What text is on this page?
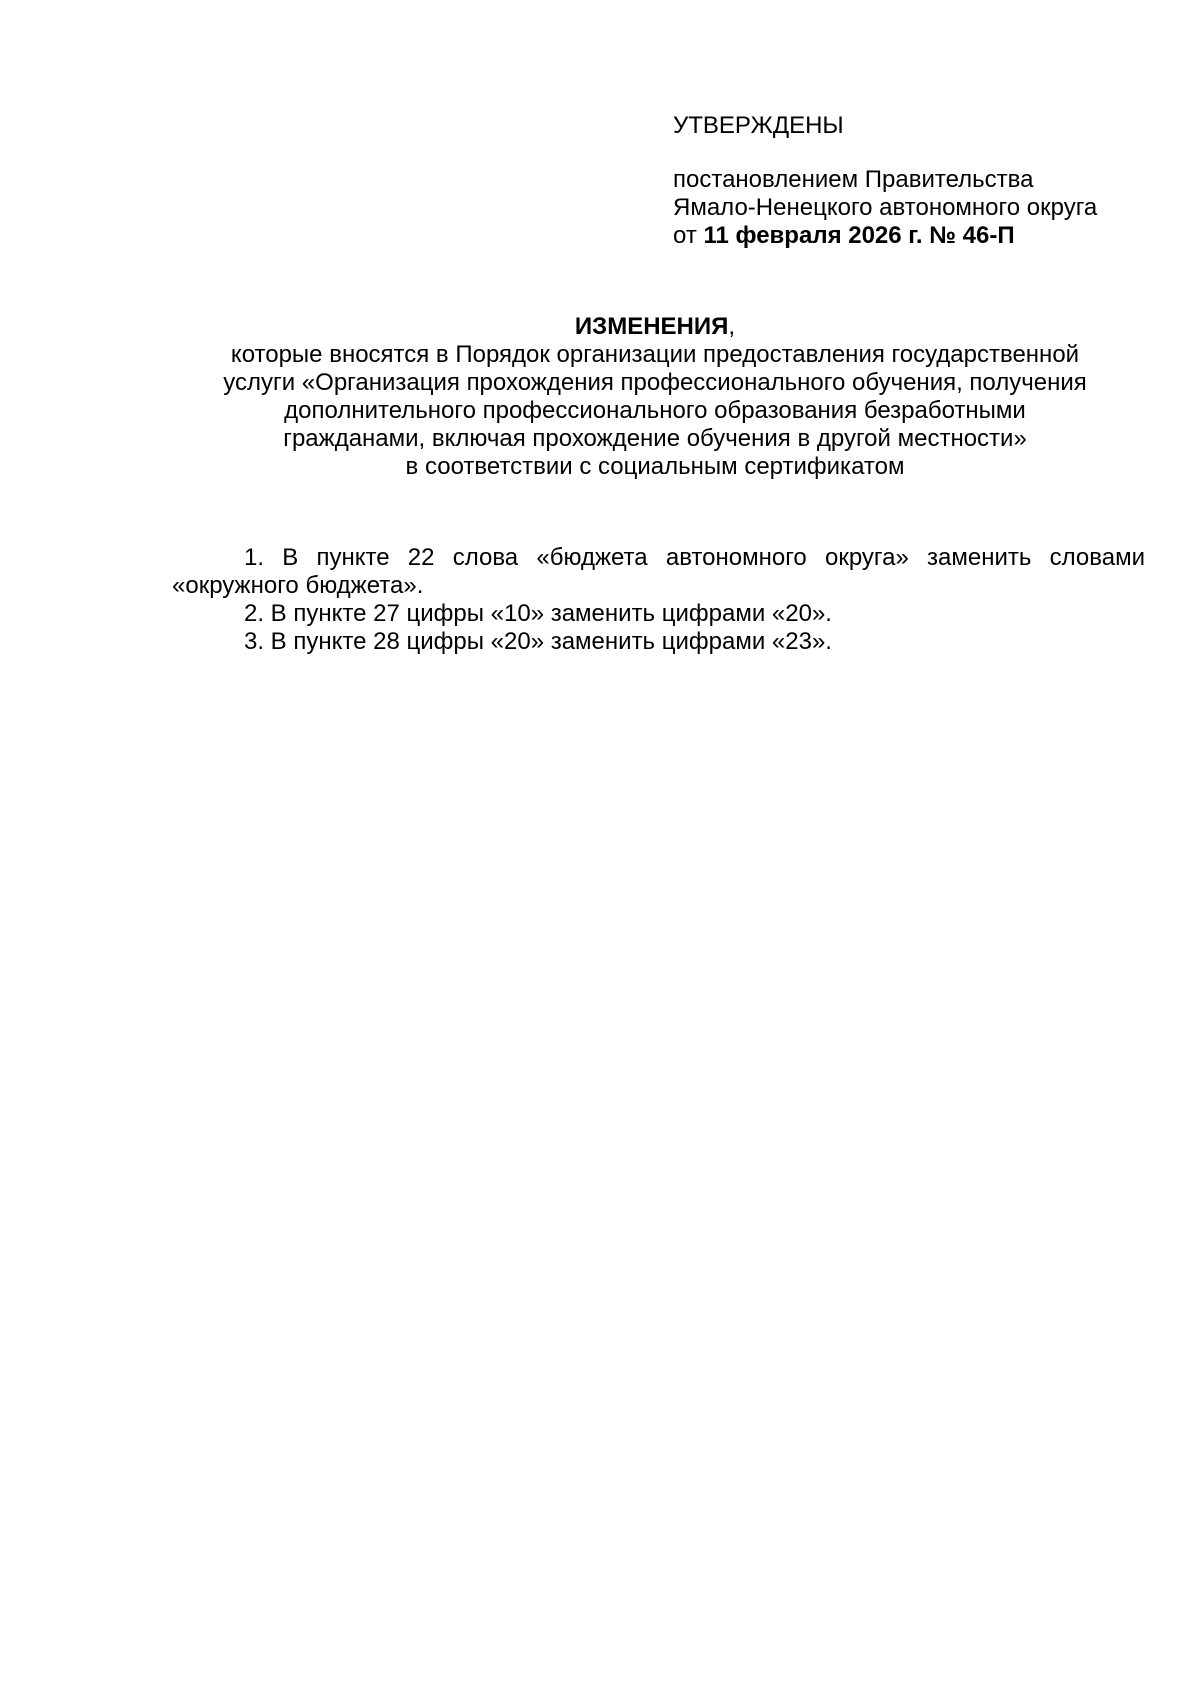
УТВЕРЖДЕНЫ
постановлением Правительства
Ямало-Ненецкого автономного округа
от 11 февраля 2026 г. № 46-П
ИЗМЕНЕНИЯ,
которые вносятся в Порядок организации предоставления государственной
услуги «Организация прохождения профессионального обучения, получения
дополнительного профессионального образования безработными
гражданами, включая прохождение обучения в другой местности»
в соответствии с социальным сертификатом
1. В пункте 22 слова «бюджета автономного округа» заменить словами «окружного бюджета».
2. В пункте 27 цифры «10» заменить цифрами «20».
3. В пункте 28 цифры «20» заменить цифрами «23».
